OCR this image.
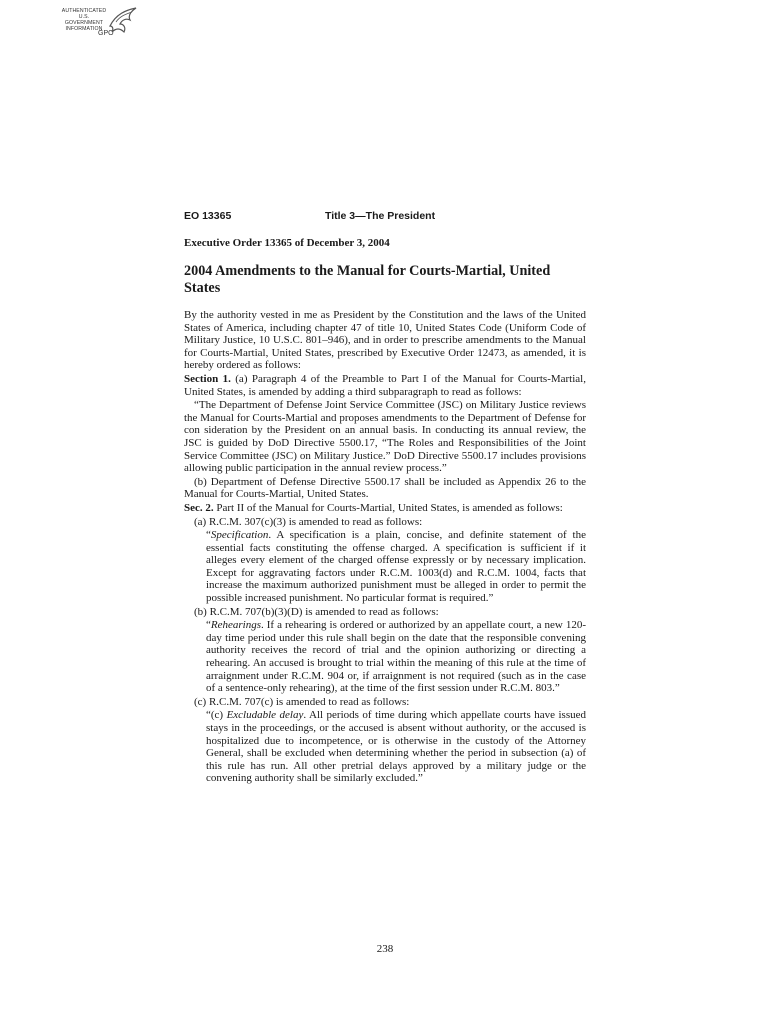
AUTHENTICATED
U.S. GOVERNMENT
INFORMATION
GPO
EO 13365	Title 3—The President
Executive Order 13365 of December 3, 2004
2004 Amendments to the Manual for Courts-Martial, United States

By the authority vested in me as President by the Constitution and the laws of the United States of America, including chapter 47 of title 10, United States Code (Uniform Code of Military Justice, 10 U.S.C. 801–946), and in order to prescribe amendments to the Manual for Courts-Martial, United States, prescribed by Executive Order 12473, as amended, it is hereby ordered as follows:

Section 1. (a) Paragraph 4 of the Preamble to Part I of the Manual for Courts-Martial, United States, is amended by adding a third subparagraph to read as follows:

“The Department of Defense Joint Service Committee (JSC) on Military Justice reviews the Manual for Courts-Martial and proposes amendments to the Department of Defense for con sideration by the President on an annual basis. In conducting its annual review, the JSC is guided by DoD Directive 5500.17, “The Roles and Responsibilities of the Joint Service Committee (JSC) on Military Justice.” DoD Directive 5500.17 includes provisions allowing public participation in the annual review process.”

(b) Department of Defense Directive 5500.17 shall be included as Appendix 26 to the Manual for Courts-Martial, United States.

Sec. 2. Part II of the Manual for Courts-Martial, United States, is amended as follows:

(a) R.C.M. 307(c)(3) is amended to read as follows:

“Specification. A specification is a plain, concise, and definite statement of the essential facts constituting the offense charged. A specification is sufficient if it alleges every element of the charged offense expressly or by necessary implication. Except for aggravating factors under R.C.M. 1003(d) and R.C.M. 1004, facts that increase the maximum authorized punishment must be alleged in order to permit the possible increased punishment. No particular format is required.”

(b) R.C.M. 707(b)(3)(D) is amended to read as follows:

“Rehearings. If a rehearing is ordered or authorized by an appellate court, a new 120-day time period under this rule shall begin on the date that the responsible convening authority receives the record of trial and the opinion authorizing or directing a rehearing. An accused is brought to trial within the meaning of this rule at the time of arraignment under R.C.M. 904 or, if arraignment is not required (such as in the case of a sentence-only rehearing), at the time of the first session under R.C.M. 803.”

(c) R.C.M. 707(c) is amended to read as follows:

“(c) Excludable delay. All periods of time during which appellate courts have issued stays in the proceedings, or the accused is absent without authority, or the accused is hospitalized due to incompetence, or is otherwise in the custody of the Attorney General, shall be excluded when determining whether the period in subsection (a) of this rule has run. All other pretrial delays approved by a military judge or the convening authority shall be similarly excluded.”

238
